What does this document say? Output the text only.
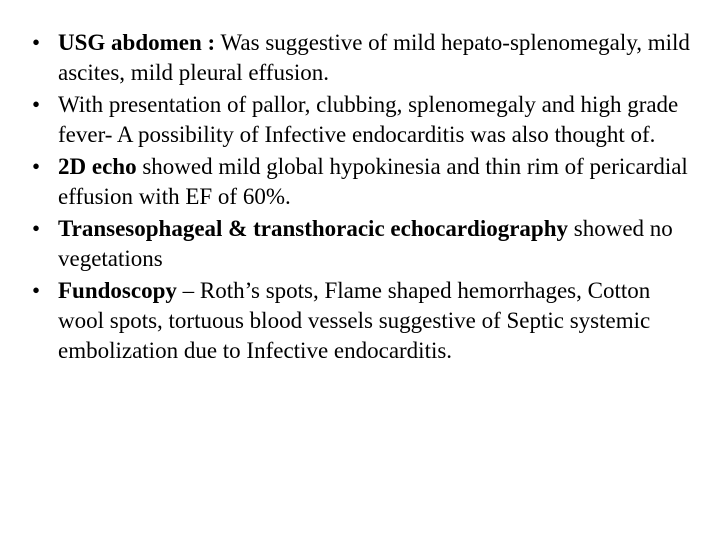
• USG abdomen : Was suggestive of mild hepato-splenomegaly, mild ascites, mild pleural effusion.
• With presentation of pallor, clubbing, splenomegaly and high grade fever- A possibility of Infective endocarditis was also thought of.
• 2D echo showed mild global hypokinesia and thin rim of pericardial effusion with EF of 60%.
• Transesophageal & transthoracic echocardiography showed no vegetations
• Fundoscopy – Roth’s spots, Flame shaped hemorrhages, Cotton wool spots, tortuous blood vessels suggestive of Septic systemic embolization due to Infective endocarditis.
